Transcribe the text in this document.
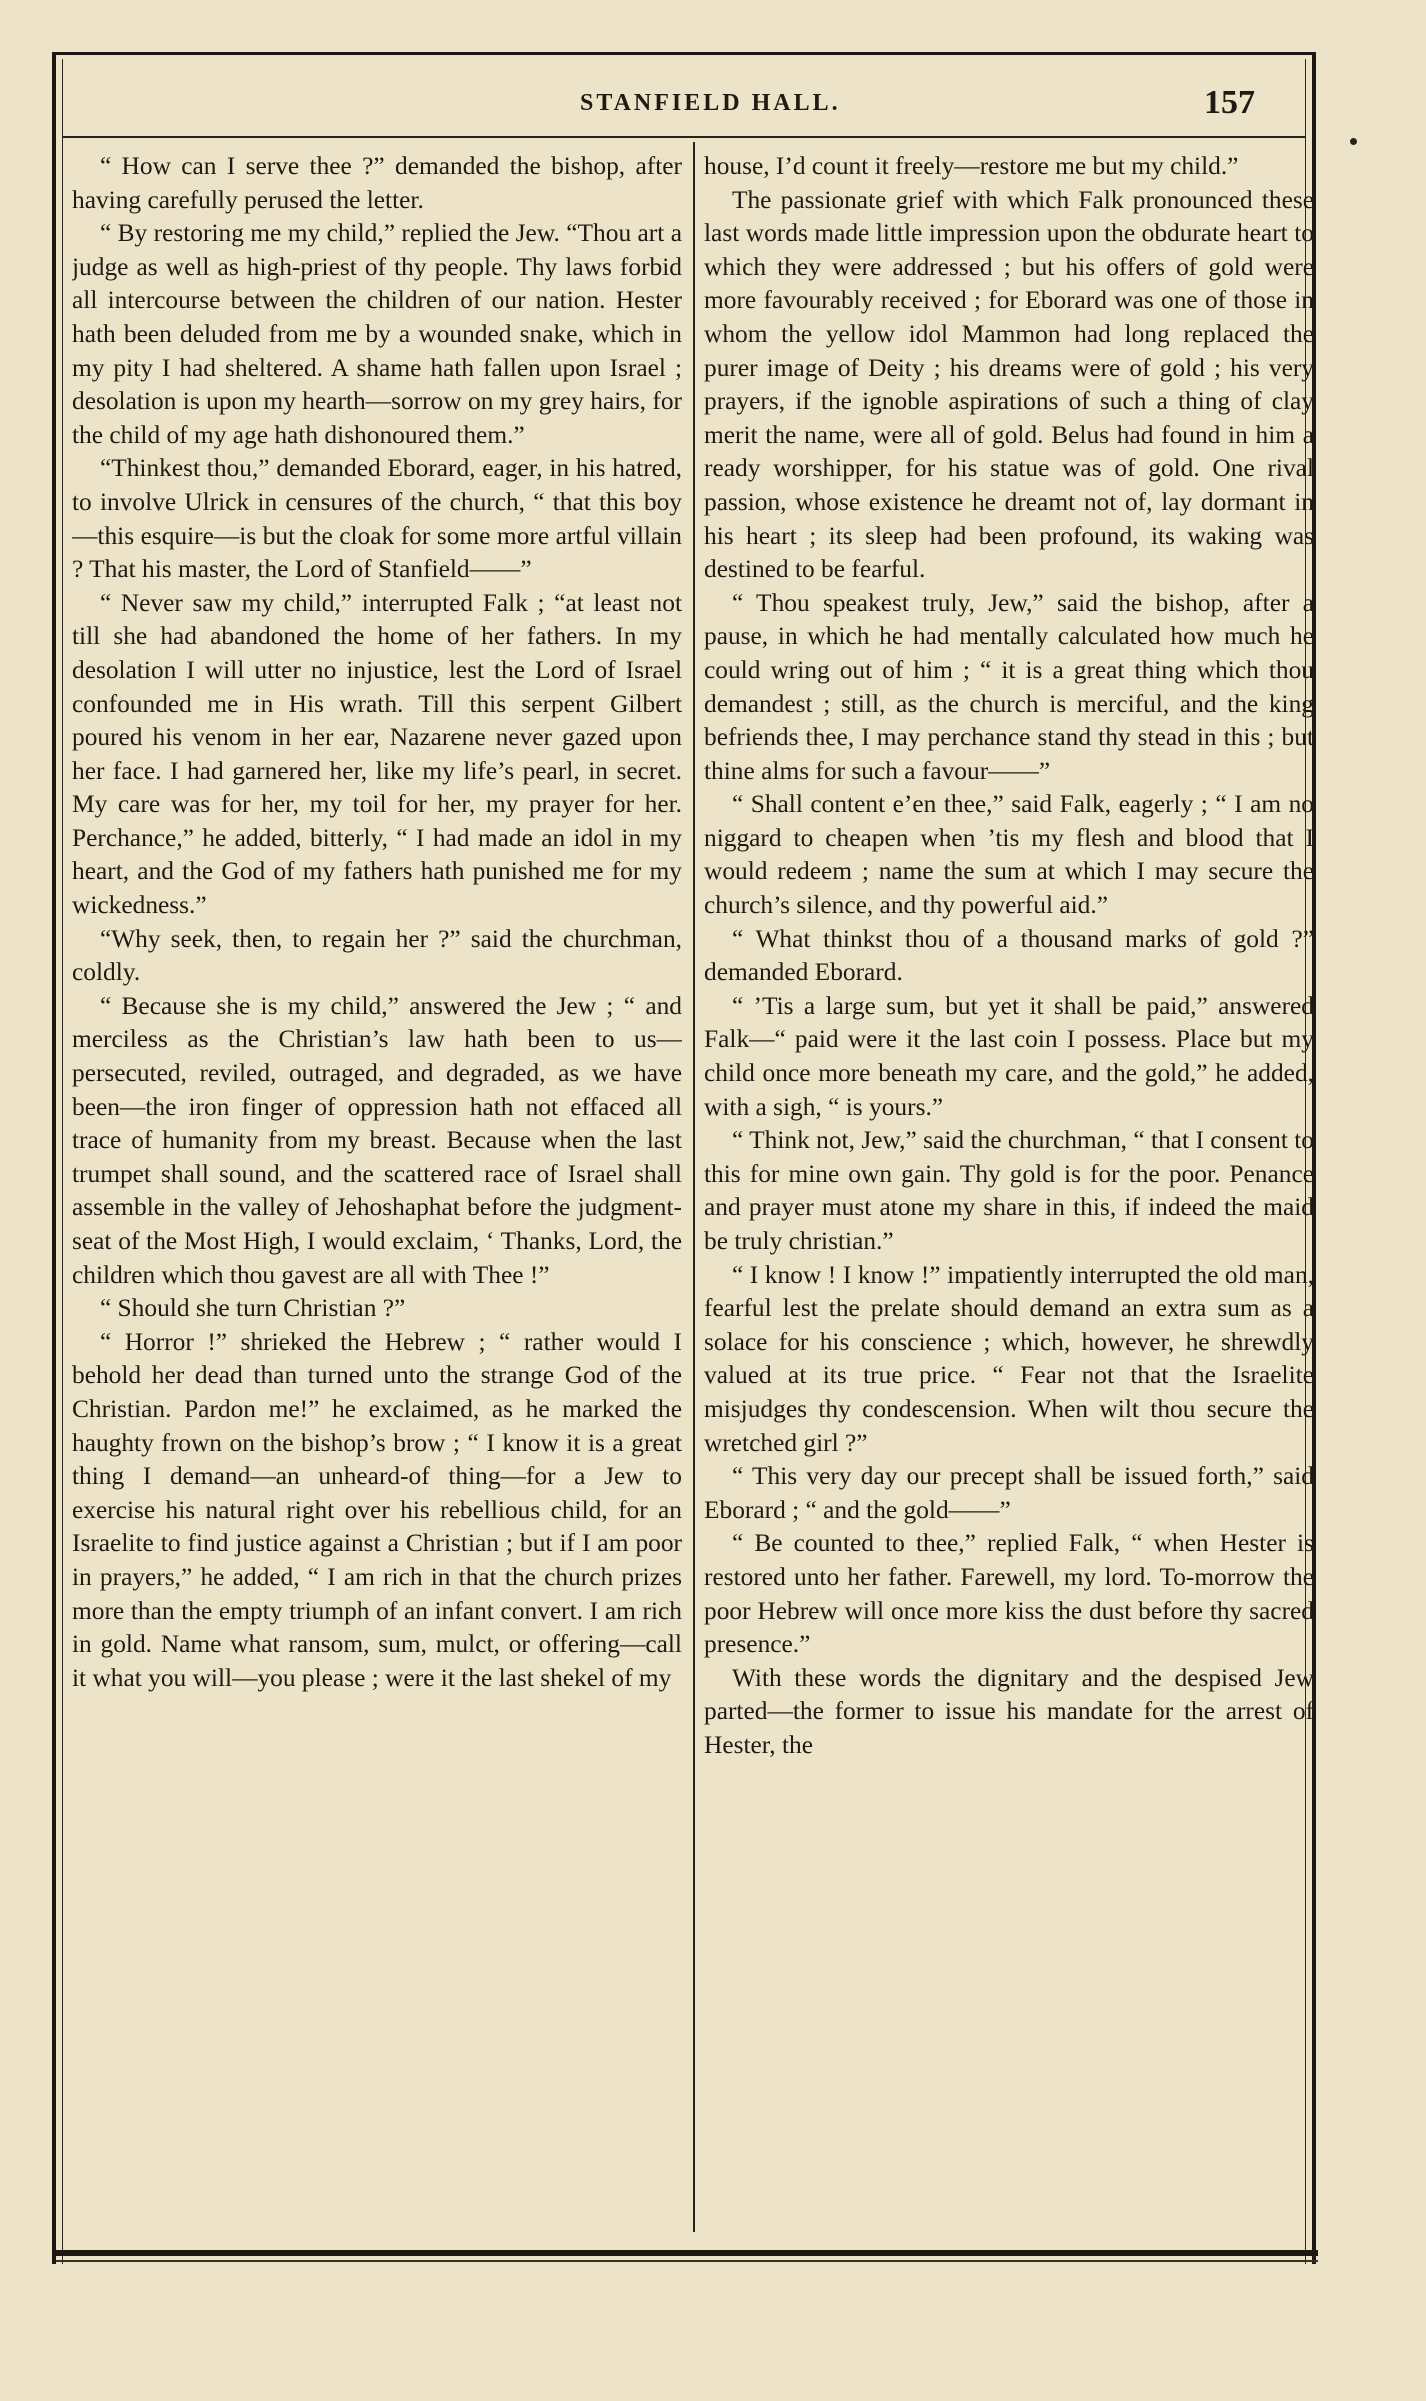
STANFIELD HALL.	157

“ How can I serve thee ?” demanded the bishop, after having carefully perused the letter.

“ By restoring me my child,” replied the Jew. “Thou art a judge as well as high-priest of thy people. Thy laws forbid all intercourse between the children of our nation. Hester hath been deluded from me by a wounded snake, which in my pity I had sheltered. A shame hath fallen upon Israel ; desolation is upon my hearth—sorrow on my grey hairs, for the child of my age hath dishonoured them.”

“Thinkest thou,” demanded Eborard, eager, in his hatred, to involve Ulrick in censures of the church, “ that this boy—this esquire—is but the cloak for some more artful villain ? That his master, the Lord of Stanfield——”

“ Never saw my child,” interrupted Falk ; “at least not till she had abandoned the home of her fathers. In my desolation I will utter no injustice, lest the Lord of Israel confounded me in His wrath. Till this serpent Gilbert poured his venom in her ear, Nazarene never gazed upon her face. I had garnered her, like my life’s pearl, in secret. My care was for her, my toil for her, my prayer for her. Perchance,” he added, bitterly, “ I had made an idol in my heart, and the God of my fathers hath punished me for my wickedness.”

“Why seek, then, to regain her ?” said the churchman, coldly.

“ Because she is my child,” answered the Jew ; “ and merciless as the Christian’s law hath been to us—persecuted, reviled, outraged, and degraded, as we have been—the iron finger of oppression hath not effaced all trace of humanity from my breast. Because when the last trumpet shall sound, and the scattered race of Israel shall assemble in the valley of Jehoshaphat before the judgment-seat of the Most High, I would exclaim, ‘ Thanks, Lord, the children which thou gavest are all with Thee !”

“ Should she turn Christian ?”

“ Horror !” shrieked the Hebrew ; “ rather would I behold her dead than turned unto the strange God of the Christian. Pardon me!” he exclaimed, as he marked the haughty frown on the bishop’s brow ; “ I know it is a great thing I demand—an unheard-of thing—for a Jew to exercise his natural right over his rebellious child, for an Israelite to find justice against a Christian ; but if I am poor in prayers,” he added, “ I am rich in that the church prizes more than the empty triumph of an infant convert. I am rich in gold. Name what ransom, sum, mulct, or offering—call it what you will—you please ; were it the last shekel of my

house, I’d count it freely—restore me but my child.”

The passionate grief with which Falk pronounced these last words made little impression upon the obdurate heart to which they were addressed ; but his offers of gold were more favourably received ; for Eborard was one of those in whom the yellow idol Mammon had long replaced the purer image of Deity ; his dreams were of gold ; his very prayers, if the ignoble aspirations of such a thing of clay merit the name, were all of gold. Belus had found in him a ready worshipper, for his statue was of gold. One rival passion, whose existence he dreamt not of, lay dormant in his heart ; its sleep had been profound, its waking was destined to be fearful.

“ Thou speakest truly, Jew,” said the bishop, after a pause, in which he had mentally calculated how much he could wring out of him ; “ it is a great thing which thou demandest ; still, as the church is merciful, and the king befriends thee, I may perchance stand thy stead in this ; but thine alms for such a favour——”

“ Shall content e’en thee,” said Falk, eagerly ; “ I am no niggard to cheapen when ’tis my flesh and blood that I would redeem ; name the sum at which I may secure the church’s silence, and thy powerful aid.”

“ What thinkst thou of a thousand marks of gold ?” demanded Eborard.

“ ’Tis a large sum, but yet it shall be paid,” answered Falk—“ paid were it the last coin I possess. Place but my child once more beneath my care, and the gold,” he added, with a sigh, “ is yours.”

“ Think not, Jew,” said the churchman, “ that I consent to this for mine own gain. Thy gold is for the poor. Penance and prayer must atone my share in this, if indeed the maid be truly christian.”

“ I know ! I know !” impatiently interrupted the old man, fearful lest the prelate should demand an extra sum as a solace for his conscience ; which, however, he shrewdly valued at its true price. “ Fear not that the Israelite misjudges thy condescension. When wilt thou secure the wretched girl ?”

“ This very day our precept shall be issued forth,” said Eborard ; “ and the gold——”

“ Be counted to thee,” replied Falk, “ when Hester is restored unto her father. Farewell, my lord. To-morrow the poor Hebrew will once more kiss the dust before thy sacred presence.”

With these words the dignitary and the despised Jew parted—the former to issue his mandate for the arrest of Hester, the
